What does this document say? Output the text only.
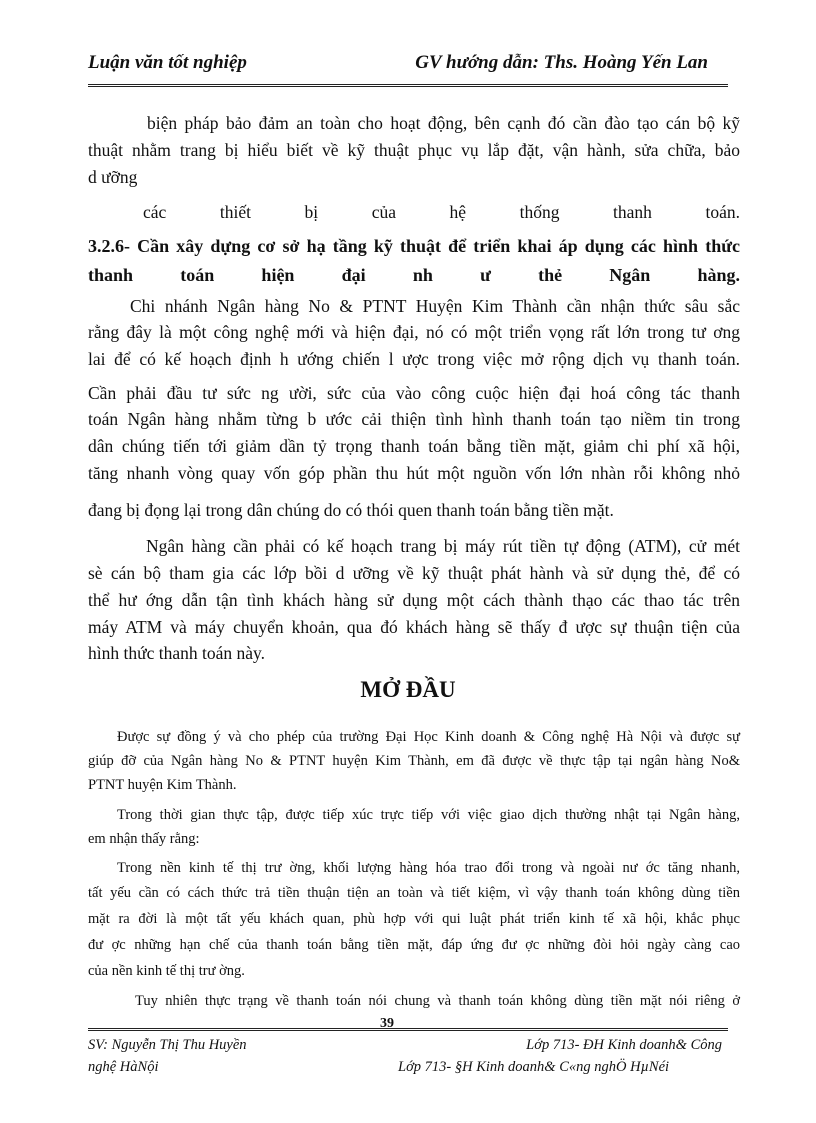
Luận văn tốt nghiệp	GV hướng dẫn: Ths. Hoàng Yến Lan
biện pháp bảo đảm an toàn cho hoạt động, bên cạnh đó cần đào tạo cán bộ kỹ
thuật nhằm trang bị hiểu biết về kỹ thuật phục vụ lắp đặt, vận hành, sửa chữa, bảo
d ưỡng
các thiết bị của hệ thống thanh toán.
3.2.6- Cần xây dựng cơ sở hạ tầng kỹ thuật để triển khai áp dụng các hình thức
thanh toán hiện đại nh ư thẻ Ngân hàng.
Chi nhánh Ngân hàng No & PTNT Huyện Kim Thành cần nhận thức sâu sắc
rằng đây là một công nghệ mới và hiện đại, nó có một triển vọng rất lớn trong tư ơng
lai để có kế hoạch định h ướng chiến l ược trong việc mở rộng dịch vụ thanh toán.
Cần phải đầu tư sức ng ười, sức của vào công cuộc hiện đại hoá công tác thanh
toán Ngân hàng nhằm từng b ước cải thiện tình hình thanh toán tạo niềm tin trong
dân chúng tiến tới giảm dần tỷ trọng thanh toán bằng tiền mặt, giảm chi phí xã hội,
tăng nhanh vòng quay vốn góp phần thu hút một nguồn vốn lớn nhàn rỗi không nhỏ
đang bị đọng lại trong dân chúng do có thói quen thanh toán bằng tiền mặt.
Ngân hàng cần phải có kế hoạch trang bị máy rút tiền tự động (ATM), cử mét
sè cán bộ tham gia các lớp bồi d ưỡng về kỹ thuật phát hành và sử dụng thẻ, để có
thể hư ớng dẫn tận tình khách hàng sử dụng một cách thành thạo các thao tác trên
máy ATM và máy chuyển khoản, qua đó khách hàng sẽ thấy đ ược sự thuận tiện của
hình thức thanh toán này.
MỞ ĐẦU
Được sự đồng ý và cho phép của trường Đại Học Kinh doanh & Công nghệ Hà Nội và được sự
giúp đỡ của Ngân hàng No & PTNT huyện Kim Thành, em đã được về thực tập tại ngân hàng No&
PTNT huyện Kim Thành.
Trong thời gian thực tập, được tiếp xúc trực tiếp với việc giao dịch thường nhật tại Ngân hàng,
em nhận thấy rằng:
Trong nền kinh tế thị trư ờng, khối lượng hàng hóa trao đổi trong và ngoài nư ớc tăng nhanh,
tất yếu cần có cách thức trả tiền thuận tiện an toàn và tiết kiệm, vì vậy thanh toán không dùng tiền
mặt ra đời là một tất yếu khách quan, phù hợp với qui luật phát triển kinh tế xã hội, khắc phục
đư ợc những hạn chế của thanh toán bằng tiền mặt, đáp ứng đư ợc những đòi hỏi ngày càng cao
của nền kinh tế thị trư ờng.
Tuy nhiên thực trạng về thanh toán nói chung và thanh toán không dùng tiền mặt nói riêng ở
39
SV: Nguyễn Thị Thu Huyền	Lớp 713- ĐH Kinh doanh& Công
nghệ HàNội	Lớp 713- §H Kinh doanh& C«ng nghÖ HµNéi
